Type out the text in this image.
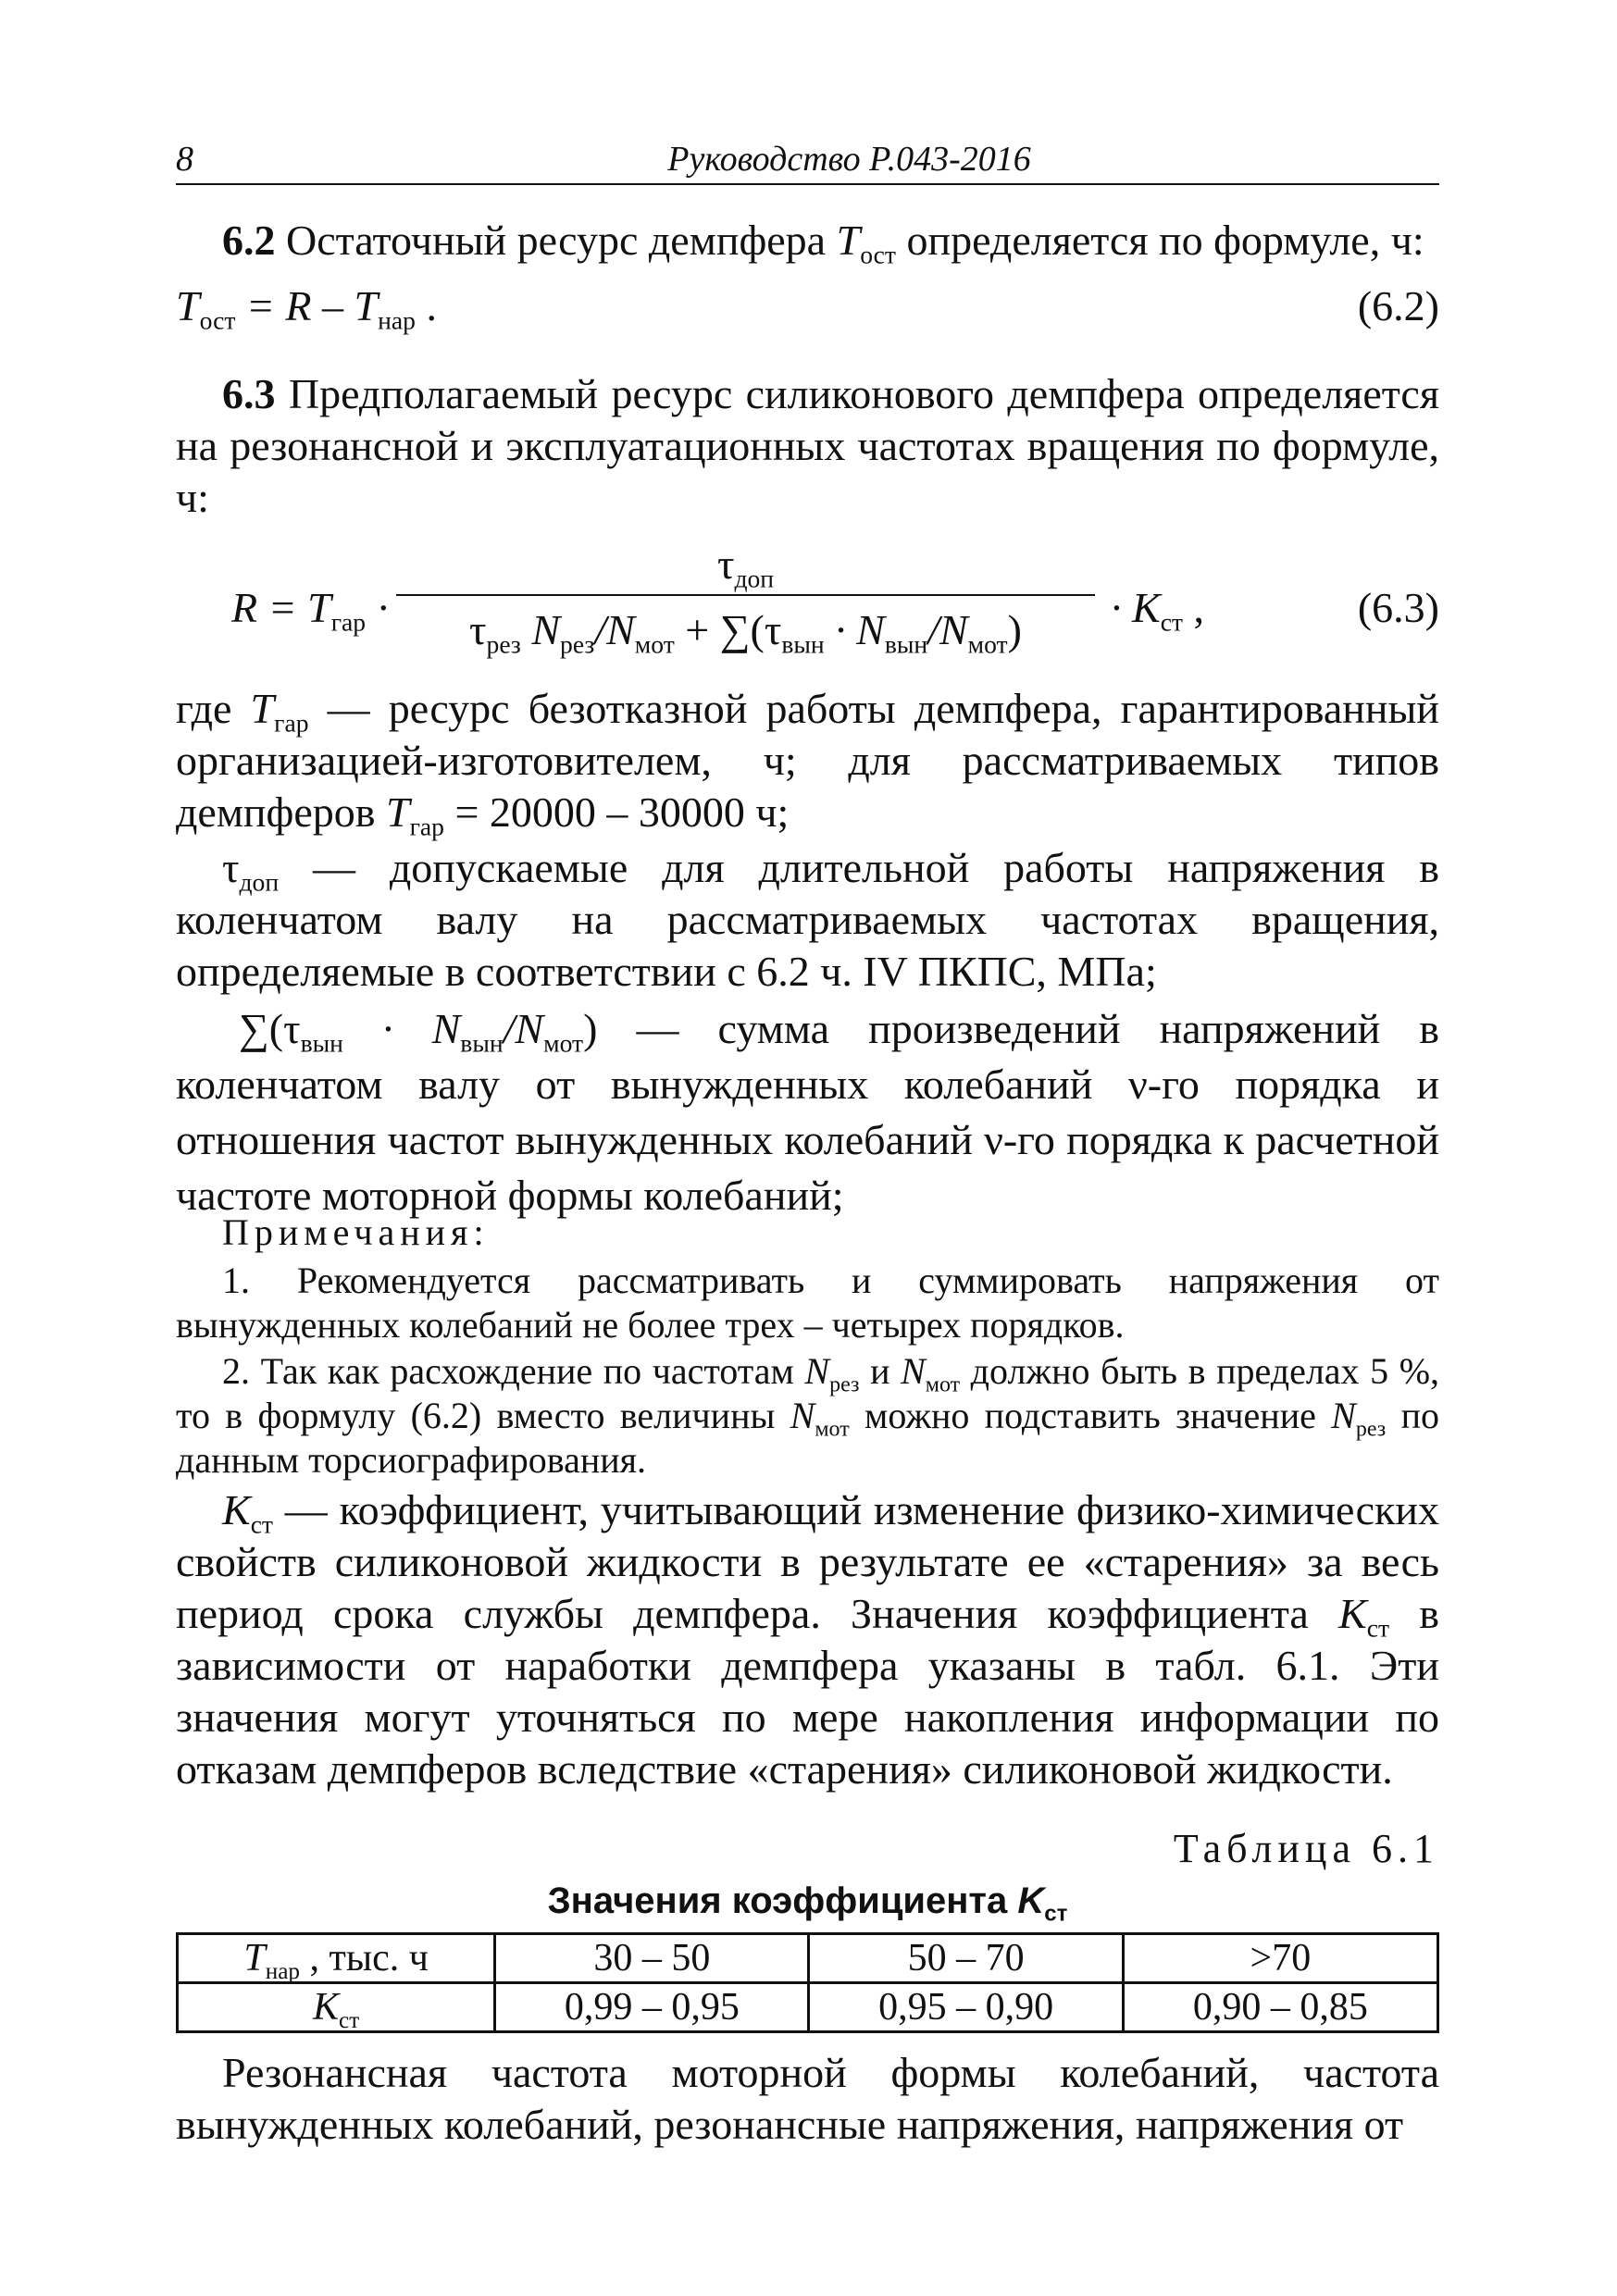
8	Руководство Р.043-2016
6.2 Остаточный ресурс демпфера $T_{ост}$ определяется по формуле, ч:
$T_{ост} = R - T_{нар}$ .	(6.2)
6.3 Предполагаемый ресурс силиконового демпфера определяется на резонансной и эксплуатационных частотах вращения по формуле, ч:
$R = T_{гар}$ ·
$\tau_{доп}$
$\tau_{рез}$ $N_{рез}/N_{мот} + \sum(\tau_{вын} \cdot N_{вын}/N_{мот})$	· $K_{ст}$ ,	(6.3)
где $T_{гар}$ — ресурс безотказной работы демпфера, гарантированный организацией-изготовителем, ч; для рассматриваемых типов демпферов $T_{гар} = 20000 - 30000$ ч;
$\tau_{доп}$ — допускаемые для длительной работы напряжения в коленчатом валу на рассматриваемых частотах вращения, определяемые в соответствии с 6.2 ч. IV ПКПС, МПа;
$\sum(\tau_{вын} \cdot N_{вын}/N_{мот})$ — сумма произведений напряжений в коленчатом валу от вынужденных колебаний ν-го порядка и отношения частот вынужденных колебаний ν-го порядка к расчетной частоте моторной формы колебаний;
Примечания:
1. Рекомендуется рассматривать и суммировать напряжения от вынужденных колебаний не более трех – четырех порядков.
2. Так как расхождение по частотам $N_{рез}$ и $N_{мот}$ должно быть в пределах 5 %, то в формулу (6.2) вместо величины $N_{мот}$ можно подставить значение $N_{рез}$ по данным торсиографирования.
$K_{ст}$ — коэффициент, учитывающий изменение физико-химических свойств силиконовой жидкости в результате ее «старения» за весь период срока службы демпфера. Значения коэффициента $K_{ст}$ в зависимости от наработки демпфера указаны в табл. 6.1. Эти значения могут уточняться по мере накопления информации по отказам демпферов вследствие «старения» силиконовой жидкости.
Таблица 6.1
Значения коэффициента $K_{ст}$
$T_{нар}$ , тыс. ч	30 – 50	50 – 70	>70
$K_{ст}$	0,99 – 0,95	0,95 – 0,90	0,90 – 0,85
Резонансная частота моторной формы колебаний, частота вынужденных колебаний, резонансные напряжения, напряжения от
